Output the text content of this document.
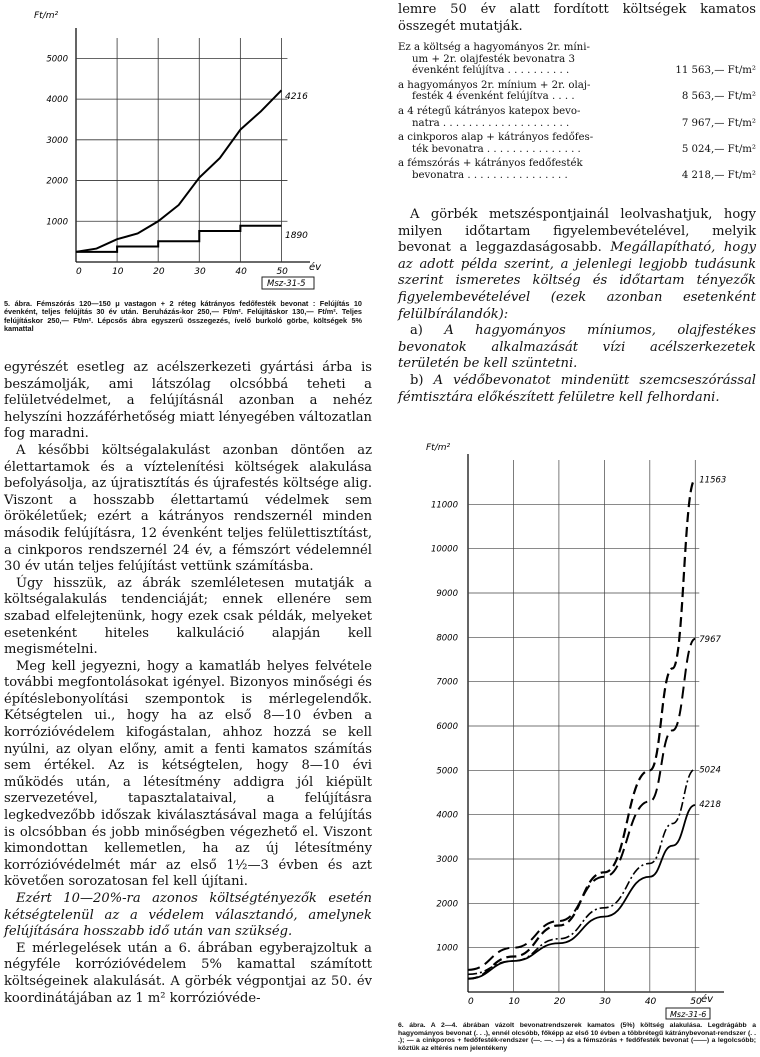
Ft/m²
5000
4000
3000
2000
1000
0	10	20	30	40	50 év
4216
1890
Msz-31-5
5. ábra. Fémszórás 120—150 μ vastagon + 2 réteg kátrányos fedőfesték bevonat : Felújítás 10 évenként, teljes felújítás 30 év után. Beruházás-kor 250,— Ft/m². Felújításkor 130,— Ft/m². Teljes felújításkor 250,— Ft/m². Lépcsős ábra egyszerű összegezés, ívelő burkoló görbe, költségek 5% kamattal

egyrészét esetleg az acélszerkezeti gyártási árba is beszámolják, ami látszólag olcsóbbá teheti a felületvédelmet, a felújításnál azonban a nehéz helyszíni hozzáférhetőség miatt lényegében változatlan fog maradni.

A későbbi költségalakulást azonban döntően az élettartamok és a víztelenítési költségek alakulása befolyásolja, az újratisztítás és újrafestés költsége alig. Viszont a hosszabb élettartamú védelmek sem örökéletűek; ezért a kátrányos rendszernél minden második felújításra, 12 évenként teljes felülettisztítást, a cinkporos rendszernél 24 év, a fémszórt védelemnél 30 év után teljes felújítást vettünk számításba.

Úgy hisszük, az ábrák szemléletesen mutatják a költségalakulás tendenciáját; ennek ellenére sem szabad elfelejtenünk, hogy ezek csak példák, melyeket esetenként hiteles kalkuláció alapján kell megismételni.

Meg kell jegyezni, hogy a kamatláb helyes felvétele további megfontolásokat igényel. Bizonyos minőségi és építéslebonyolítási szempontok is mérlegelendők. Kétségtelen ui., hogy ha az első 8—10 évben a korrózióvédelem kifogástalan, ahhoz hozzá se kell nyúlni, az olyan előny, amit a fenti kamatos számítás sem értékel. Az is kétségtelen, hogy 8—10 évi működés után, a létesítmény addigra jól kiépült szervezetével, tapasztalataival, a felújításra legkedvezőbb időszak kiválasztásával maga a felújítás is olcsóbban és jobb minőségben végezhető el. Viszont kimondottan kellemetlen, ha az új létesítmény korrózióvédelmét már az első 1½—3 évben és azt követően sorozatosan fel kell újítani.

Ezért 10—20%-ra azonos költségtényezők esetén kétségtelenül az a védelem választandó, amelynek felújítására hosszabb idő után van szükség.

E mérlegelések után a 6. ábrában egyberajzoltuk a négyféle korrózióvédelem 5% kamattal számított költségeinek alakulását. A görbék végpontjai az 50. év koordinátájában az 1 m² korrózióvéde-

lemre 50 év alatt fordított költségek kamatos összegét mutatják.

Ez a költség a hagyományos 2r. míni-
um + 2r. olajfesték bevonatra 3
évenként felújítva . . . . . . . . . .	11 563,— Ft/m²
a hagyományos 2r. mínium + 2r. olaj-
festék 4 évenként felújítva . . . .	8 563,— Ft/m²
a 4 rétegű kátrányos katepox bevo-
natra . . . . . . . . . . . . . . . . . . . .	7 967,— Ft/m²
a cinkporos alap + kátrányos fedőfes-
ték bevonatra . . . . . . . . . . . . . . .	5 024,— Ft/m²
a fémszórás + kátrányos fedőfesték
bevonatra . . . . . . . . . . . . . . . .	4 218,— Ft/m²

A görbék metszéspontjainál leolvashatjuk, hogy milyen időtartam figyelembevételével, melyik bevonat a leggazdaságosabb. Megállapítható, hogy az adott példa szerint, a jelenlegi legjobb tudásunk szerint ismeretes költség és időtartam tényezők figyelembevételével (ezek azonban esetenként felülbírálandók):

a) A hagyományos míniumos, olajfestékes bevonatok alkalmazását vízi acélszerkezetek területén be kell szüntetni.

b) A védőbevonatot mindenütt szemcseszórással fémtisztára előkészített felületre kell felhordani.

Ft/m²
11000
10000
9000
8000
7000
6000
5000
4000
3000
2000
1000
0	10	20	30	40	50
11563
7967
5024
4218
év
Msz-31-6
6. ábra. A 2—4. ábrában vázolt bevonatrendszerek kamatos (5%) költség alakulása. Legdrágább a hagyományos bevonat (. . .), ennél olcsóbb, főképp az első 10 évben a többrétegű kátránybevonat-rendszer (. . .); — a cinkporos + fedőfesték-rendszer (—. —. —) és a fémszórás + fedőfesték bevonat (——) a legolcsóbb; köztük az eltérés nem jelentékeny
